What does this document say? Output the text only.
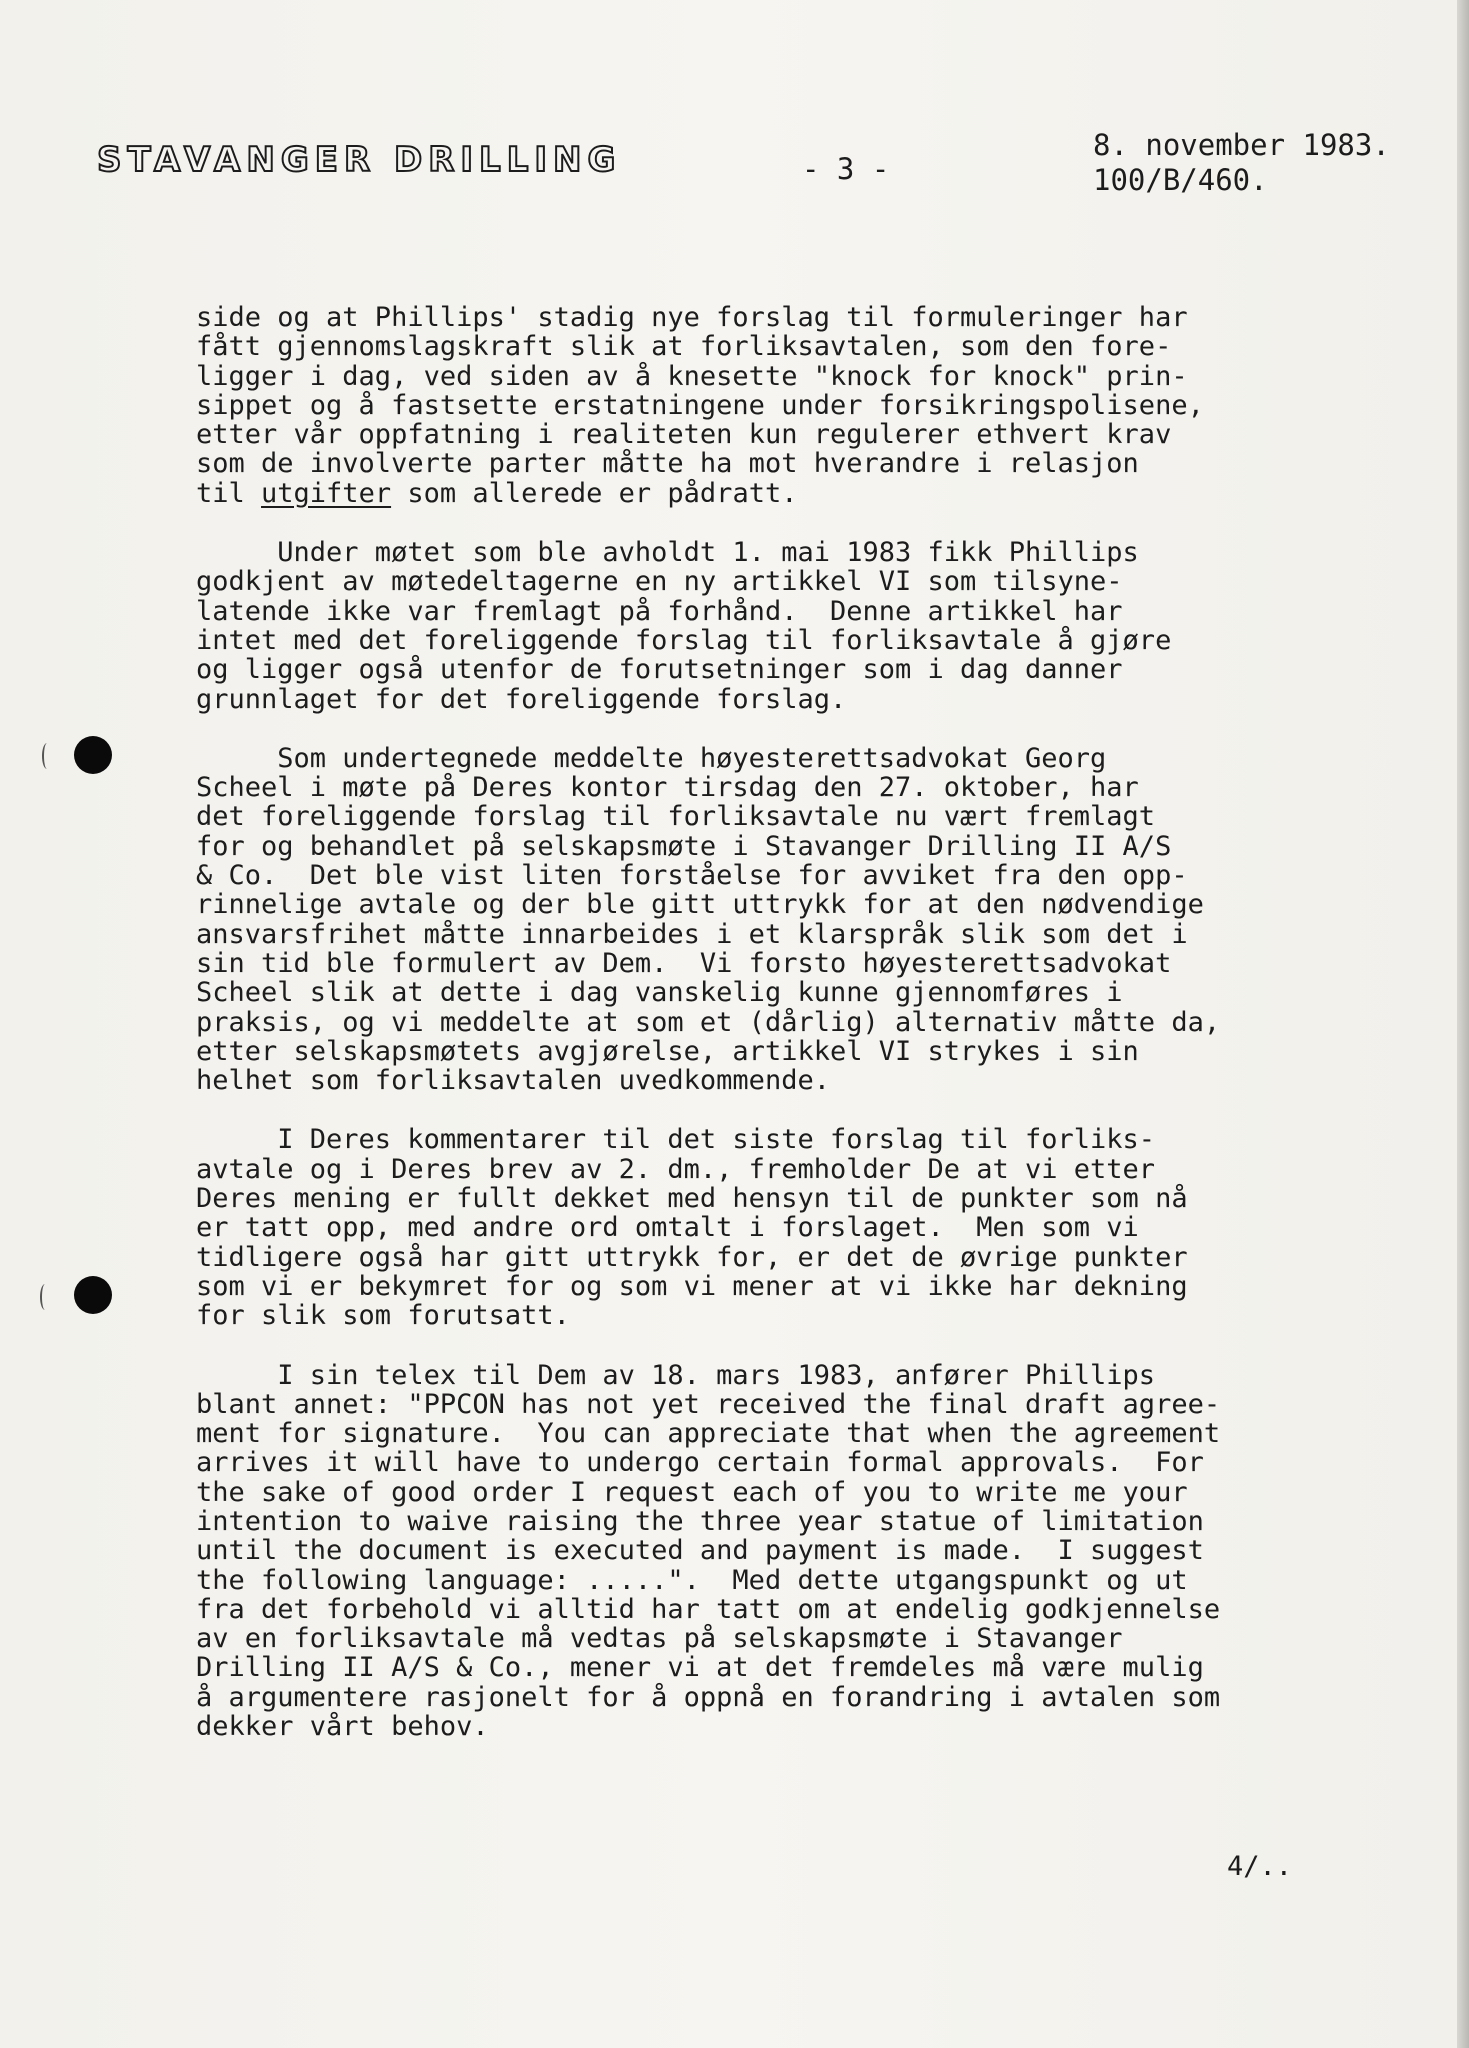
STAVANGER DRILLING	- 3 -
8. november 1983.
100/B/460.
side og at Phillips' stadig nye forslag til formuleringer har
fått gjennomslagskraft slik at forliksavtalen, som den fore-
ligger i dag, ved siden av å knesette "knock for knock" prin-
sippet og å fastsette erstatningene under forsikringspolisene,
etter vår oppfatning i realiteten kun regulerer ethvert krav
som de involverte parter måtte ha mot hverandre i relasjon
til utgifter som allerede er pådratt.
Under møtet som ble avholdt 1. mai 1983 fikk Phillips
godkjent av møtedeltagerne en ny artikkel VI som tilsyne-
latende ikke var fremlagt på forhånd.  Denne artikkel har
intet med det foreliggende forslag til forliksavtale å gjøre
og ligger også utenfor de forutsetninger som i dag danner
grunnlaget for det foreliggende forslag.
Som undertegnede meddelte høyesterettsadvokat Georg
Scheel i møte på Deres kontor tirsdag den 27. oktober, har
det foreliggende forslag til forliksavtale nu vært fremlagt
for og behandlet på selskapsmøte i Stavanger Drilling II A/S
& Co.  Det ble vist liten forståelse for avviket fra den opp-
rinnelige avtale og der ble gitt uttrykk for at den nødvendige
ansvarsfrihet måtte innarbeides i et klarspråk slik som det i
sin tid ble formulert av Dem.  Vi forsto høyesterettsadvokat
Scheel slik at dette i dag vanskelig kunne gjennomføres i
praksis, og vi meddelte at som et (dårlig) alternativ måtte da,
etter selskapsmøtets avgjørelse, artikkel VI strykes i sin
helhet som forliksavtalen uvedkommende.
I Deres kommentarer til det siste forslag til forliks-
avtale og i Deres brev av 2. dm., fremholder De at vi etter
Deres mening er fullt dekket med hensyn til de punkter som nå
er tatt opp, med andre ord omtalt i forslaget.  Men som vi
tidligere også har gitt uttrykk for, er det de øvrige punkter
som vi er bekymret for og som vi mener at vi ikke har dekning
for slik som forutsatt.
I sin telex til Dem av 18. mars 1983, anfører Phillips
blant annet: "PPCON has not yet received the final draft agree-
ment for signature.  You can appreciate that when the agreement
arrives it will have to undergo certain formal approvals.  For
the sake of good order I request each of you to write me your
intention to waive raising the three year statue of limitation
until the document is executed and payment is made.  I suggest
the following language: .....".  Med dette utgangspunkt og ut
fra det forbehold vi alltid har tatt om at endelig godkjennelse
av en forliksavtale må vedtas på selskapsmøte i Stavanger
Drilling II A/S & Co., mener vi at det fremdeles må være mulig
å argumentere rasjonelt for å oppnå en forandring i avtalen som
dekker vårt behov.
4/..
